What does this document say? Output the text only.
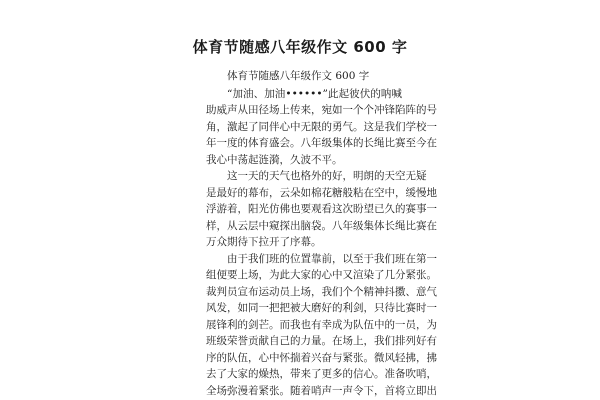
体育节随感八年级作文 600 字
体育节随感八年级作文 600 字
“加油、加油••••••”此起彼伏的呐喊
助威声从田径场上传来，宛如一个个冲锋陷阵的号
角，激起了同伴心中无限的勇气。这是我们学校一
年一度的体育盛会。八年级集体的长绳比赛至今在
我心中荡起涟漪，久波不平。
这一天的天气也格外的好，明朗的天空无疑
是最好的幕布，云朵如棉花糖般粘在空中，缓慢地
浮游着，阳光仿佛也要观看这次盼望已久的赛事一
样，从云层中窥探出脑袋。八年级集体长绳比赛在
万众期待下拉开了序幕。
由于我们班的位置靠前，以至于我们班在第一
组便要上场，为此大家的心中又渲染了几分紧张。
裁判员宣布运动员上场，我们个个精神抖擞、意气
风发，如同一把把被大磨好的利剑，只待比赛时一
展锋利的剑芒。而我也有幸成为队伍中的一员，为
班级荣誉贡献自己的力量。在场上，我们排列好有
序的队伍，心中怀揣着兴奋与紧张。微风轻拂，拂
去了大家的燥热，带来了更多的信心。准备吹哨，
全场弥漫着紧张。随着哨声一声令下，首将立即出
